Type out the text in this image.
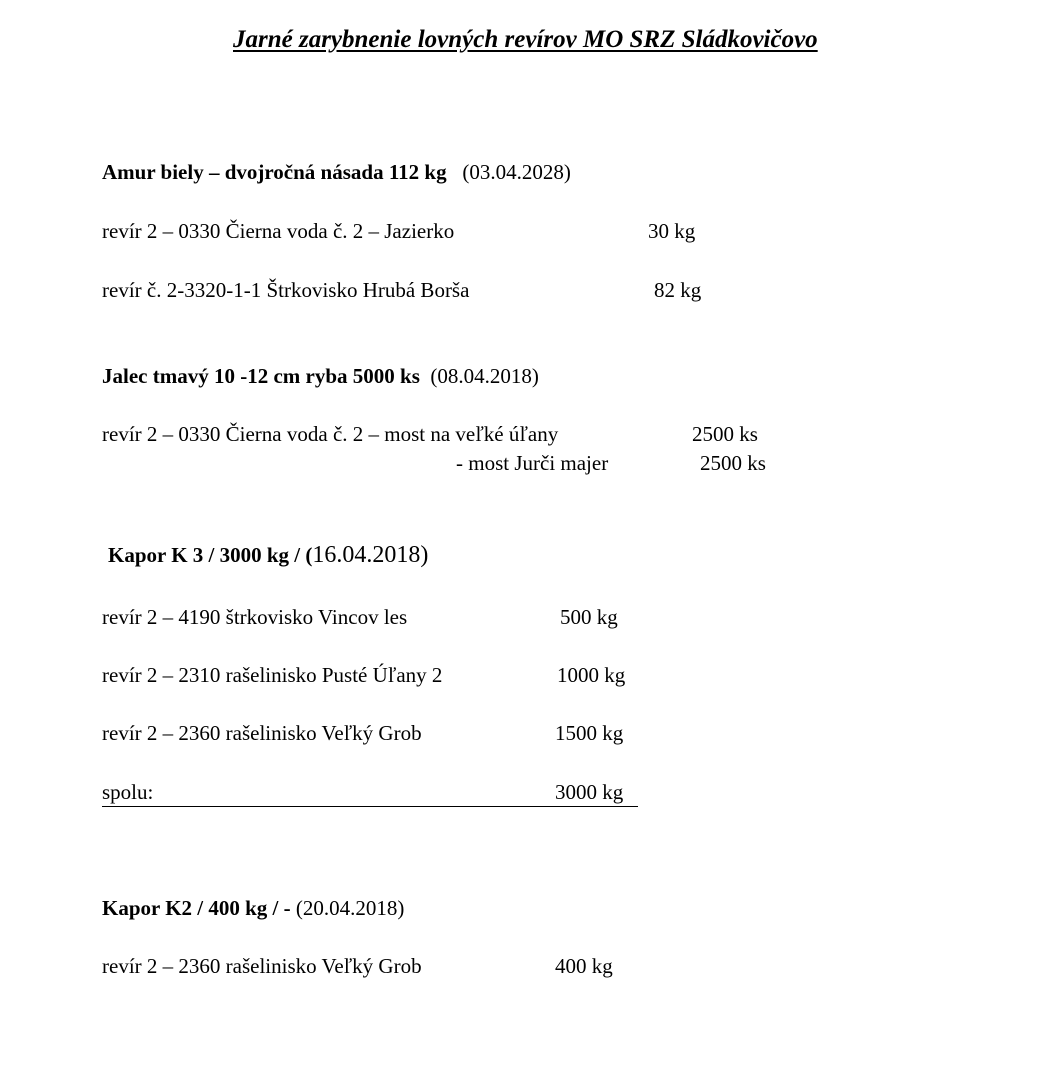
Jarné zarybnenie lovných revírov MO SRZ Sládkovičovo
Amur biely – dvojročná násada 112 kg (03.04.2028)
revír 2 – 0330 Čierna voda č. 2 – Jazierko	30 kg
revír č. 2-3320-1-1 Štrkovisko Hrubá Borša	82 kg
Jalec tmavý 10 -12 cm ryba 5000 ks (08.04.2018)
revír 2 – 0330 Čierna voda č. 2 – most na veľké úľany	2500 ks
- most Jurči majer	2500 ks
Kapor K 3 / 3000 kg / (16.04.2018)
revír 2 – 4190 štrkovisko Vincov les	500 kg
revír 2 – 2310 rašelinisko Pusté Úľany 2	1000 kg
revír 2 – 2360 rašelinisko Veľký Grob	1500 kg
spolu:	3000 kg
Kapor K2 / 400 kg / - (20.04.2018)
revír 2 – 2360 rašelinisko Veľký Grob	400 kg
